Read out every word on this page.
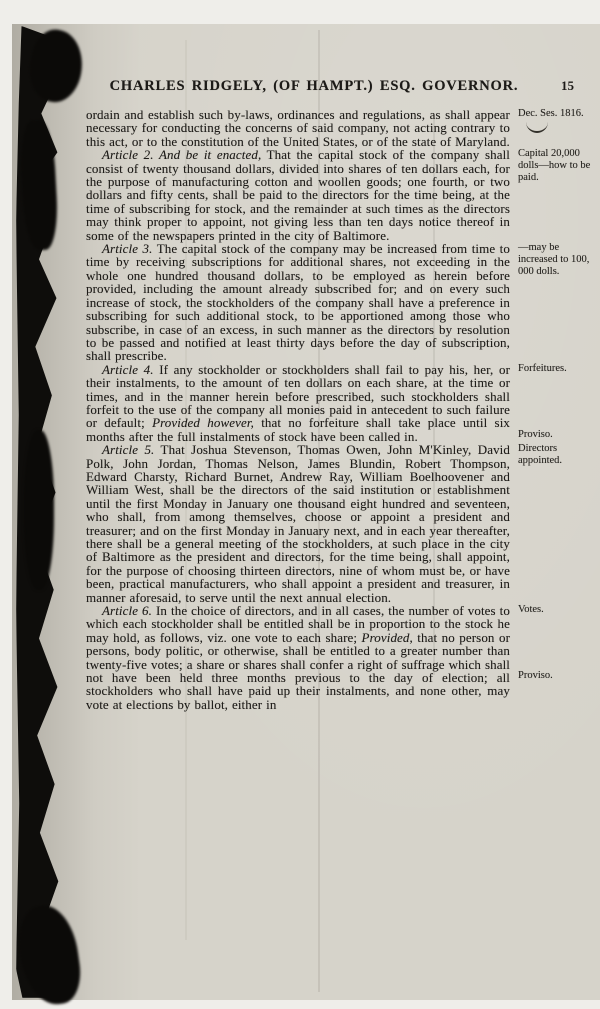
CHARLES RIDGELY, (OF HAMPT.) ESQ. GOVERNOR.	15

ordain and establish such by-laws, ordinances and regulations, as shall appear necessary for conducting the concerns of said company, not acting contrary to this act, or to the constitution of the United States, or of the state of Maryland.

Dec. Ses. 1816.

Article 2. And be it enacted, That the capital stock of the company shall consist of twenty thousand dollars, divided into shares of ten dollars each, for the purpose of manufacturing cotton and woollen goods; one fourth, or two dollars and fifty cents, shall be paid to the directors for the time being, at the time of subscribing for stock, and the remainder at such times as the directors may think proper to appoint, not giving less than ten days notice thereof in some of the newspapers printed in the city of Baltimore.

Capital 20,000 dolls—how to be paid.

Article 3. The capital stock of the company may be increased from time to time by receiving subscriptions for additional shares, not exceeding in the whole one hundred thousand dollars, to be employed as herein before provided, including the amount already subscribed for; and on every such increase of stock, the stockholders of the company shall have a preference in subscribing for such additional stock, to be apportioned among those who subscribe, in case of an excess, in such manner as the directors by resolution to be passed and notified at least thirty days before the day of subscription, shall prescribe.

—may be increased to 100, 000 dolls.

Article 4. If any stockholder or stockholders shall fail to pay his, her, or their instalments, to the amount of ten dollars on each share, at the time or times, and in the manner herein before prescribed, such stockholders shall forfeit to the use of the company all monies paid in antecedent to such failure or default; Provided however, that no forfeiture shall take place until six months after the full instalments of stock have been called in.

Forfeitures.
Proviso.

Article 5. That Joshua Stevenson, Thomas Owen, John M'Kinley, David Polk, John Jordan, Thomas Nelson, James Blundin, Robert Thompson, Edward Charsty, Richard Burnet, Andrew Ray, William Boelhoovener and William West, shall be the directors of the said institution or establishment until the first Monday in January one thousand eight hundred and seventeen, who shall, from among themselves, choose or appoint a president and treasurer; and on the first Monday in January next, and in each year thereafter, there shall be a general meeting of the stockholders, at such place in the city of Baltimore as the president and directors, for the time being, shall appoint, for the purpose of choosing thirteen directors, nine of whom must be, or have been, practical manufacturers, who shall appoint a president and treasurer, in manner aforesaid, to serve until the next annual election.

Directors appointed.

Article 6. In the choice of directors, and in all cases, the number of votes to which each stockholder shall be entitled shall be in proportion to the stock he may hold, as follows, viz. one vote to each share; Provided, that no person or persons, body politic, or otherwise, shall be entitled to a greater number than twenty-five votes; a share or shares shall confer a right of suffrage which shall not have been held three months previous to the day of election; all stockholders who shall have paid up their instalments, and none other, may vote at elections by ballot, either in

Votes.
Proviso.
